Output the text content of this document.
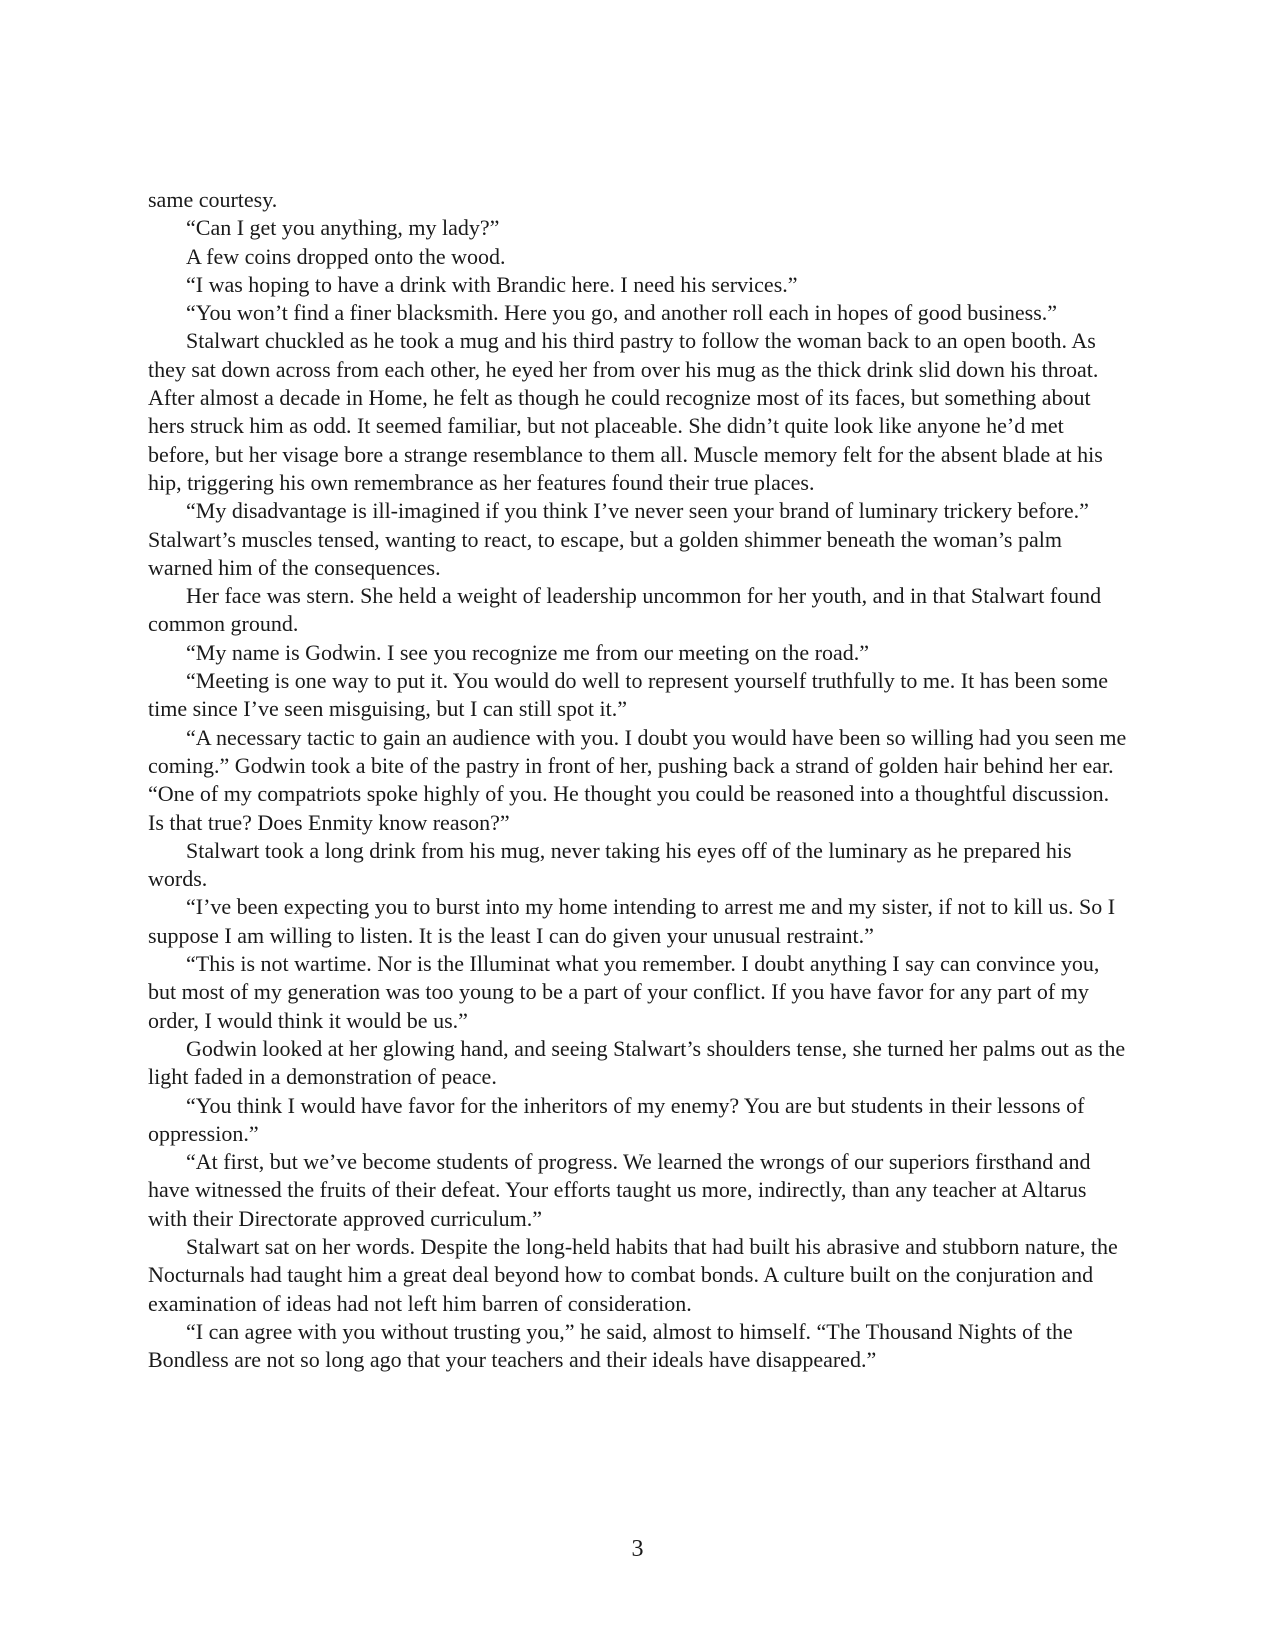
same courtesy.

“Can I get you anything, my lady?”

A few coins dropped onto the wood.

“I was hoping to have a drink with Brandic here. I need his services.”

“You won’t find a finer blacksmith. Here you go, and another roll each in hopes of good business.”

Stalwart chuckled as he took a mug and his third pastry to follow the woman back to an open booth. As they sat down across from each other, he eyed her from over his mug as the thick drink slid down his throat. After almost a decade in Home, he felt as though he could recognize most of its faces, but something about hers struck him as odd. It seemed familiar, but not placeable. She didn’t quite look like anyone he’d met before, but her visage bore a strange resemblance to them all. Muscle memory felt for the absent blade at his hip, triggering his own remembrance as her features found their true places.

“My disadvantage is ill-imagined if you think I’ve never seen your brand of luminary trickery before.” Stalwart’s muscles tensed, wanting to react, to escape, but a golden shimmer beneath the woman’s palm warned him of the consequences.

Her face was stern. She held a weight of leadership uncommon for her youth, and in that Stalwart found common ground.

“My name is Godwin. I see you recognize me from our meeting on the road.”

“Meeting is one way to put it. You would do well to represent yourself truthfully to me. It has been some time since I’ve seen misguising, but I can still spot it.”

“A necessary tactic to gain an audience with you. I doubt you would have been so willing had you seen me coming.” Godwin took a bite of the pastry in front of her, pushing back a strand of golden hair behind her ear. “One of my compatriots spoke highly of you. He thought you could be reasoned into a thoughtful discussion. Is that true? Does Enmity know reason?”

Stalwart took a long drink from his mug, never taking his eyes off of the luminary as he prepared his words.

“I’ve been expecting you to burst into my home intending to arrest me and my sister, if not to kill us. So I suppose I am willing to listen. It is the least I can do given your unusual restraint.”

“This is not wartime. Nor is the Illuminat what you remember. I doubt anything I say can convince you, but most of my generation was too young to be a part of your conflict. If you have favor for any part of my order, I would think it would be us.”

Godwin looked at her glowing hand, and seeing Stalwart’s shoulders tense, she turned her palms out as the light faded in a demonstration of peace.

“You think I would have favor for the inheritors of my enemy? You are but students in their lessons of oppression.”

“At first, but we’ve become students of progress. We learned the wrongs of our superiors firsthand and have witnessed the fruits of their defeat. Your efforts taught us more, indirectly, than any teacher at Altarus with their Directorate approved curriculum.”

Stalwart sat on her words. Despite the long-held habits that had built his abrasive and stubborn nature, the Nocturnals had taught him a great deal beyond how to combat bonds. A culture built on the conjuration and examination of ideas had not left him barren of consideration.

“I can agree with you without trusting you,” he said, almost to himself. “The Thousand Nights of the Bondless are not so long ago that your teachers and their ideals have disappeared.”

3
